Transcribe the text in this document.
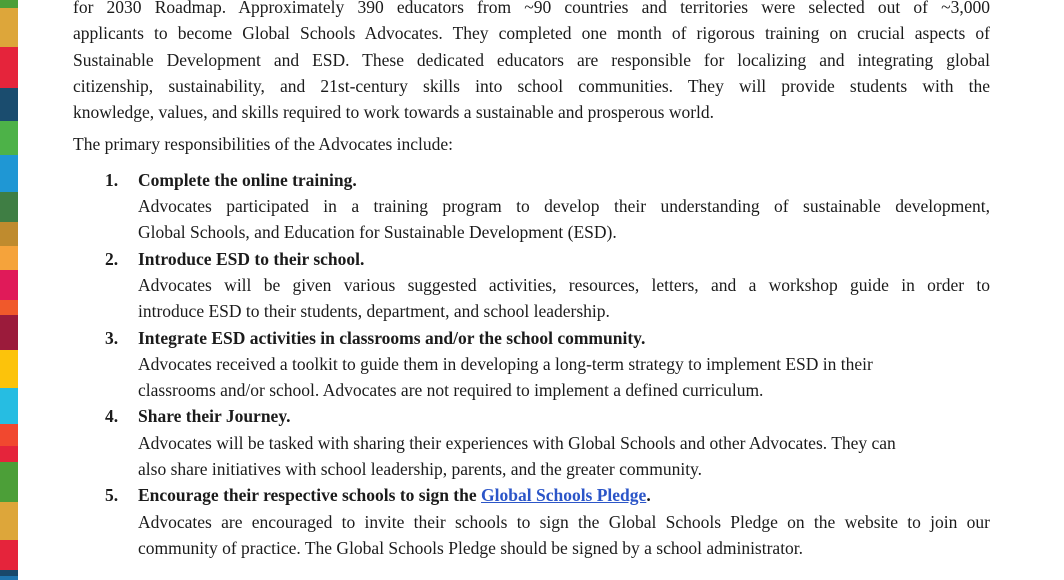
for 2030 Roadmap. Approximately 390 educators from ~90 countries and territories were selected out of ~3,000
applicants to become Global Schools Advocates. They completed one month of rigorous training on crucial aspects of
Sustainable Development and ESD. These dedicated educators are responsible for localizing and integrating global
citizenship, sustainability, and 21st-century skills into school communities. They will provide students with the
knowledge, values, and skills required to work towards a sustainable and prosperous world.
The primary responsibilities of the Advocates include:
1.	Complete the online training.
Advocates participated in a training program to develop their understanding of sustainable development,
Global Schools, and Education for Sustainable Development (ESD).
2.	Introduce ESD to their school.
Advocates will be given various suggested activities, resources, letters, and a workshop guide in order to
introduce ESD to their students, department, and school leadership.
3.	Integrate ESD activities in classrooms and/or the school community.
Advocates received a toolkit to guide them in developing a long-term strategy to implement ESD in their
classrooms and/or school. Advocates are not required to implement a defined curriculum.
4.	Share their Journey.
Advocates will be tasked with sharing their experiences with Global Schools and other Advocates. They can
also share initiatives with school leadership, parents, and the greater community.
5.	Encourage their respective schools to sign the Global Schools Pledge.
Advocates are encouraged to invite their schools to sign the Global Schools Pledge on the website to join our
community of practice. The Global Schools Pledge should be signed by a school administrator.
